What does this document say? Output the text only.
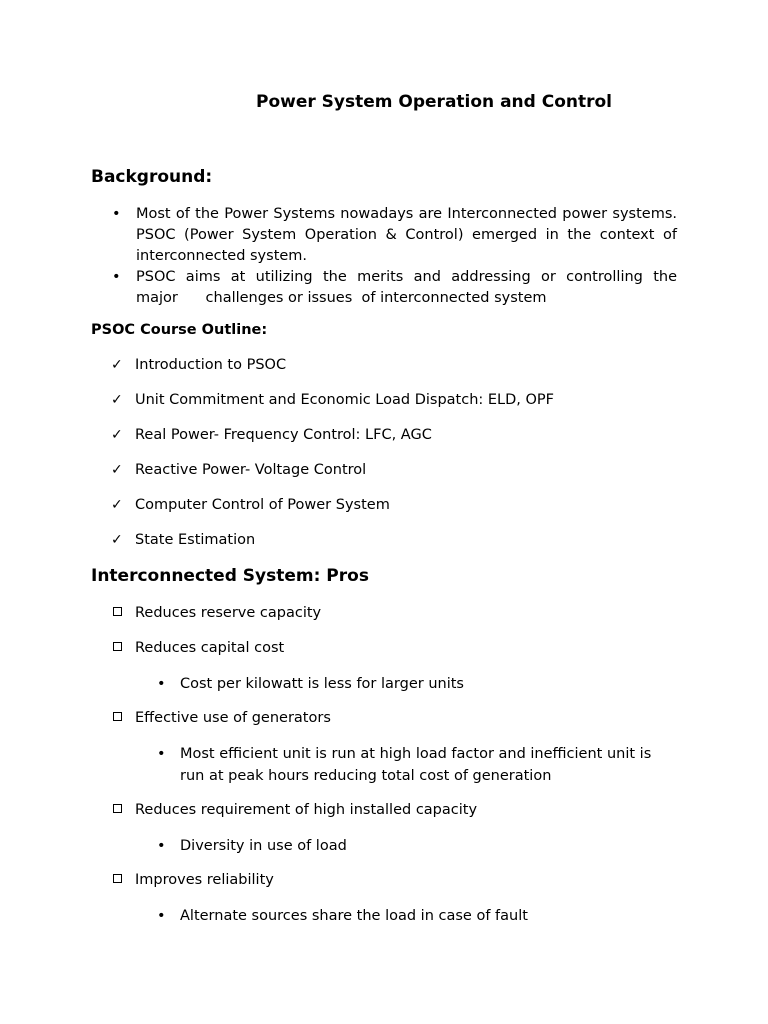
Power System Operation and Control
Background:
• Most of the Power Systems nowadays are Interconnected power systems. PSOC (Power System Operation & Control) emerged in the context of interconnected system.
• PSOC aims at utilizing the merits and addressing or controlling the major      challenges or issues  of interconnected system
PSOC Course Outline:
✓ Introduction to PSOC
✓ Unit Commitment and Economic Load Dispatch: ELD, OPF
✓ Real Power- Frequency Control: LFC, AGC
✓ Reactive Power- Voltage Control
✓ Computer Control of Power System
✓ State Estimation
Interconnected System: Pros
Reduces reserve capacity
Reduces capital cost
• Cost per kilowatt is less for larger units
Effective use of generators
• Most efficient unit is run at high load factor and inefficient unit is run at peak hours reducing total cost of generation
Reduces requirement of high installed capacity
• Diversity in use of load
Improves reliability
• Alternate sources share the load in case of fault
